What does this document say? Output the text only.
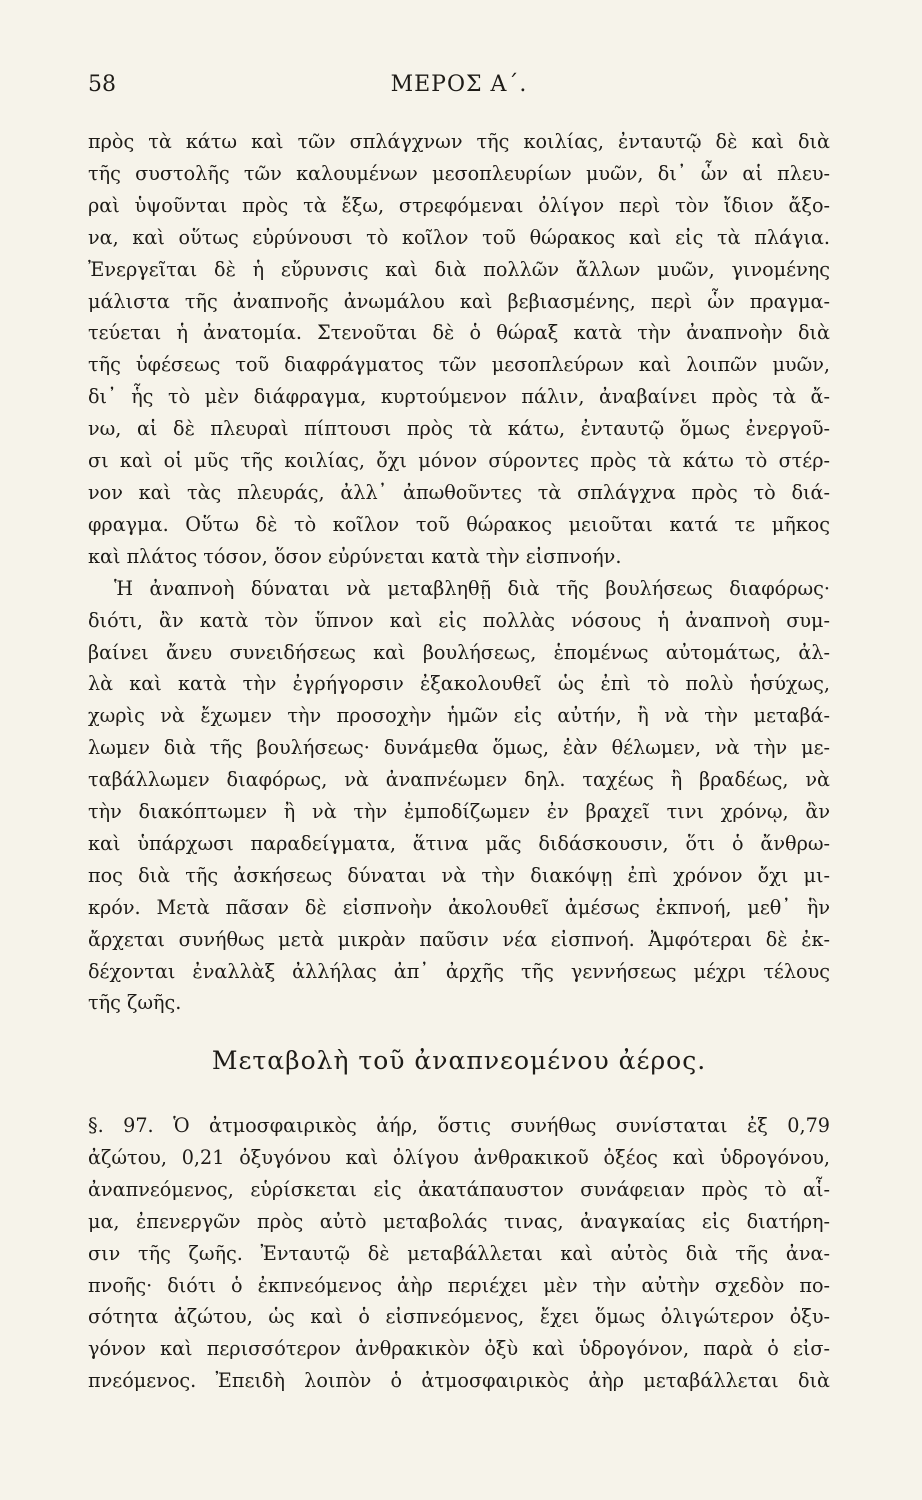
58	ΜΕΡΟΣ Α΄.
πρὸς τὰ κάτω καὶ τῶν σπλάγχνων τῆς κοιλίας, ἐνταυτῷ δὲ καὶ διὰ
τῆς συστολῆς τῶν καλουμένων μεσοπλευρίων μυῶν, δι᾽ ὧν αἱ πλευ-
ραὶ ὑψοῦνται πρὸς τὰ ἔξω, στρεφόμεναι ὀλίγον περὶ τὸν ἴδιον ἄξο-
να, καὶ οὕτως εὐρύνουσι τὸ κοῖλον τοῦ θώρακος καὶ εἰς τὰ πλάγια.
Ἐνεργεῖται δὲ ἡ εὔρυνσις καὶ διὰ πολλῶν ἄλλων μυῶν, γινομένης
μάλιστα τῆς ἀναπνοῆς ἀνωμάλου καὶ βεβιασμένης, περὶ ὧν πραγμα-
τεύεται ἡ ἀνατομία. Στενοῦται δὲ ὁ θώραξ κατὰ τὴν ἀναπνοὴν διὰ
τῆς ὑφέσεως τοῦ διαφράγματος τῶν μεσοπλεύρων καὶ λοιπῶν μυῶν,
δι᾽ ἧς τὸ μὲν διάφραγμα, κυρτούμενον πάλιν, ἀναβαίνει πρὸς τὰ ἄ-
νω, αἱ δὲ πλευραὶ πίπτουσι πρὸς τὰ κάτω, ἐνταυτῷ ὅμως ἐνεργοῦ-
σι καὶ οἱ μῦς τῆς κοιλίας, ὄχι μόνον σύροντες πρὸς τὰ κάτω τὸ στέρ-
νον καὶ τὰς πλευράς, ἀλλ᾽ ἀπωθοῦντες τὰ σπλάγχνα πρὸς τὸ διά-
φραγμα. Οὕτω δὲ τὸ κοῖλον τοῦ θώρακος μειοῦται κατά τε μῆκος
καὶ πλάτος τόσον, ὅσον εὐρύνεται κατὰ τὴν εἰσπνοήν.
Ἡ ἀναπνοὴ δύναται νὰ μεταβληθῇ διὰ τῆς βουλήσεως διαφόρως·
διότι, ἂν κατὰ τὸν ὕπνον καὶ εἰς πολλὰς νόσους ἡ ἀναπνοὴ συμ-
βαίνει ἄνευ συνειδήσεως καὶ βουλήσεως, ἑπομένως αὐτομάτως, ἀλ-
λὰ καὶ κατὰ τὴν ἐγρήγορσιν ἐξακολουθεῖ ὡς ἐπὶ τὸ πολὺ ἡσύχως,
χωρὶς νὰ ἔχωμεν τὴν προσοχὴν ἡμῶν εἰς αὐτήν, ἢ νὰ τὴν μεταβά-
λωμεν διὰ τῆς βουλήσεως· δυνάμεθα ὅμως, ἐὰν θέλωμεν, νὰ τὴν με-
ταβάλλωμεν διαφόρως, νὰ ἀναπνέωμεν δηλ. ταχέως ἢ βραδέως, νὰ
τὴν διακόπτωμεν ἢ νὰ τὴν ἐμποδίζωμεν ἐν βραχεῖ τινι χρόνῳ, ἂν
καὶ ὑπάρχωσι παραδείγματα, ἅτινα μᾶς διδάσκουσιν, ὅτι ὁ ἄνθρω-
πος διὰ τῆς ἀσκήσεως δύναται νὰ τὴν διακόψῃ ἐπὶ χρόνον ὄχι μι-
κρόν. Μετὰ πᾶσαν δὲ εἰσπνοὴν ἀκολουθεῖ ἀμέσως ἐκπνοή, μεθ᾽ ἣν
ἄρχεται συνήθως μετὰ μικρὰν παῦσιν νέα εἰσπνοή. Ἀμφότεραι δὲ ἐκ-
δέχονται ἐναλλὰξ ἀλλήλας ἀπ᾽ ἀρχῆς τῆς γεννήσεως μέχρι τέλους
τῆς ζωῆς.
Μεταβολὴ τοῦ ἀναπνεομένου ἀέρος.
§. 97. Ὁ ἀτμοσφαιρικὸς ἀήρ, ὅστις συνήθως συνίσταται ἐξ 0,79
ἀζώτου, 0,21 ὀξυγόνου καὶ ὀλίγου ἀνθρακικοῦ ὀξέος καὶ ὑδρογόνου,
ἀναπνεόμενος, εὑρίσκεται εἰς ἀκατάπαυστον συνάφειαν πρὸς τὸ αἷ-
μα, ἐπενεργῶν πρὸς αὐτὸ μεταβολάς τινας, ἀναγκαίας εἰς διατήρη-
σιν τῆς ζωῆς. Ἐνταυτῷ δὲ μεταβάλλεται καὶ αὐτὸς διὰ τῆς ἀνα-
πνοῆς· διότι ὁ ἐκπνεόμενος ἀὴρ περιέχει μὲν τὴν αὐτὴν σχεδὸν πο-
σότητα ἀζώτου, ὡς καὶ ὁ εἰσπνεόμενος, ἔχει ὅμως ὀλιγώτερον ὀξυ-
γόνον καὶ περισσότερον ἀνθρακικὸν ὀξὺ καὶ ὑδρογόνον, παρὰ ὁ εἰσ-
πνεόμενος. Ἐπειδὴ λοιπὸν ὁ ἀτμοσφαιρικὸς ἀὴρ μεταβάλλεται διὰ
